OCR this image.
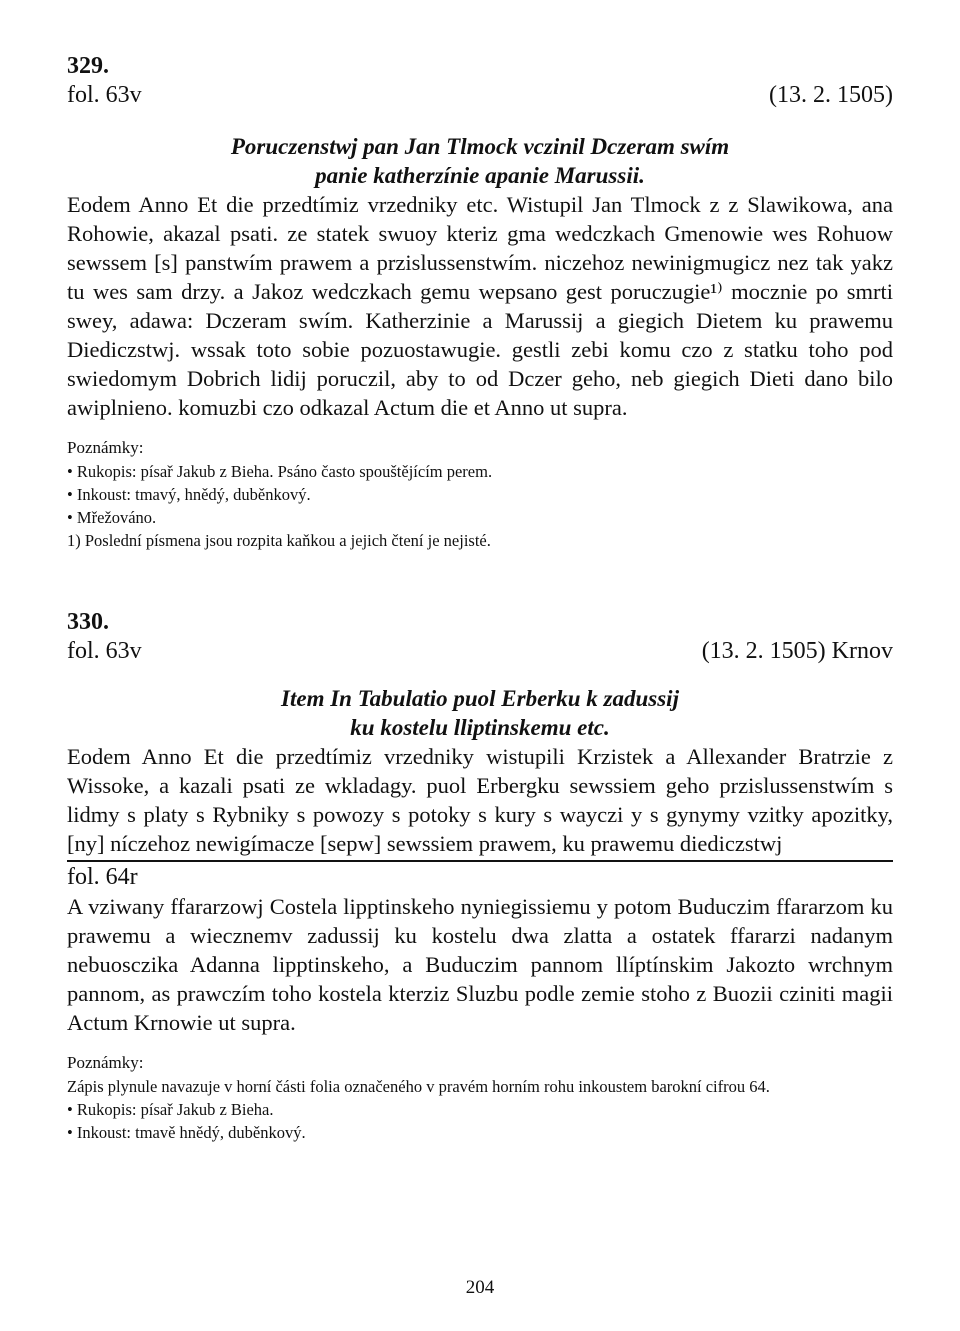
329.
fol. 63v	(13. 2. 1505)
Poruczenstwj pan Jan Tlmock vczinil Dczeram swím
panie katherzínie apanie Marussii.
Eodem Anno Et die przedtímiz vrzedniky etc. Wistupil Jan Tlmock z z Slawikowa, ana Rohowie, akazal psati. ze statek swuoy kteriz gma wedczkach Gmenowie wes Rohuow sewssem [s] panstwím prawem a przislussenstwím. niczehoz newinigmugicz nez tak yakz tu wes sam drzy. a Jakoz wedczkach gemu wepsano gest poruczugie¹⁾ mocznie po smrti swey, adawa: Dczeram swím. Katherzinie a Marussij a giegich Dietem ku prawemu Diediczstwj. wssak toto sobie pozuostawugie. gestli zebi komu czo z statku toho pod swiedomym Dobrich lidij poruczil, aby to od Dczer geho, neb giegich Dieti dano bilo awiplnieno. komuzbi czo odkazal Actum die et Anno ut supra.
Poznámky:
• Rukopis: písař Jakub z Bieha. Psáno často spouštějícím perem.
• Inkoust: tmavý, hnědý, duběnkový.
• Mřežováno.
1) Poslední písmena jsou rozpita kaňkou a jejich čtení je nejisté.
330.
fol. 63v	(13. 2. 1505) Krnov
Item In Tabulatio puol Erberku k zadussij
ku kostelu lliptinskemu etc.
Eodem Anno Et die przedtímiz vrzedniky wistupili Krzistek a Allexander Bratrzie z Wissoke, a kazali psati ze wkladagy. puol Erbergku sewssiem geho przislussenstwím s lidmy s platy s Rybniky s powozy s potoky s kury s wayczi y s gynymy vzitky apozitky, [ny] níczehoz newigímacze [sepw] sewssiem prawem, ku prawemu diediczstwj
fol. 64r
A vziwany ffararzowj Costela lipptinskeho nyniegissiemu y potom Buduczim ffararzom ku prawemu a wiecznemv zadussij ku kostelu dwa zlatta a ostatek ffararzi nadanym nebuosczika Adanna lipptinskeho, a Buduczim pannom llíptínskim Jakozto wrchnym pannom, as prawczím toho kostela kterziz Sluzbu podle zemie stoho z Buozii cziniti magii Actum Krnowie ut supra.
Poznámky:
Zápis plynule navazuje v horní části folia označeného v pravém horním rohu inkoustem barokní cifrou 64.
• Rukopis: písař Jakub z Bieha.
• Inkoust: tmavě hnědý, duběnkový.
204
